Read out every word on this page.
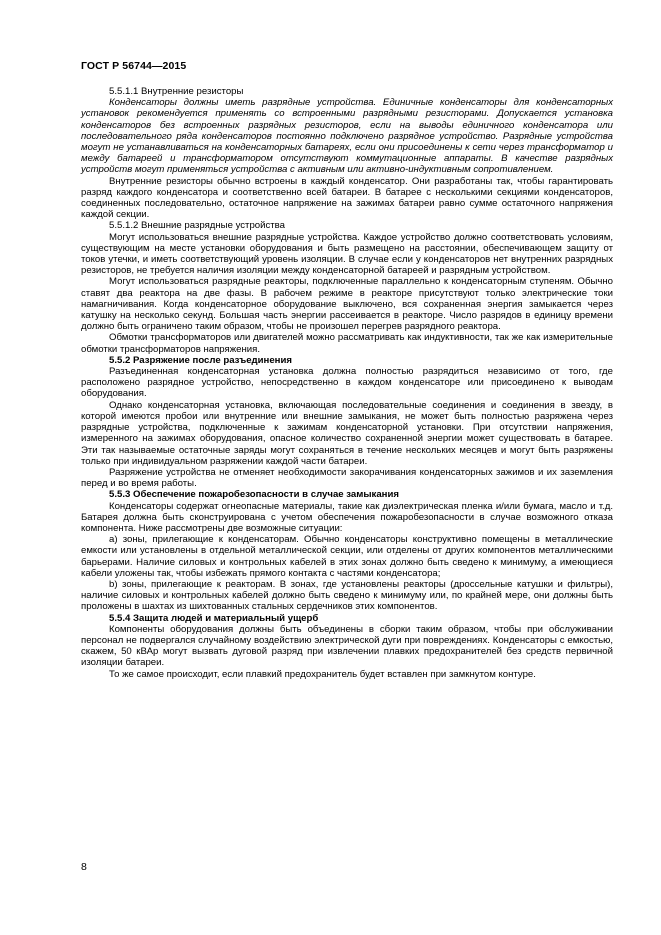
ГОСТ Р 56744—2015

5.5.1.1 Внутренние резисторы

Конденсаторы должны иметь разрядные устройства. Единичные конденсаторы для конденсаторных установок рекомендуется применять со встроенными разрядными резисторами. Допускается установка конденсаторов без встроенных разрядных резисторов, если на выводы единичного конденсатора или последовательного ряда конденсаторов постоянно подключено разрядное устройство. Разрядные устройства могут не устанавливаться на конденсаторных батареях, если они присоединены к сети через трансформатор и между батареей и трансформатором отсутствуют коммутационные аппараты. В качестве разрядных устройств могут применяться устройства с активным или активно-индуктивным сопротивлением.

Внутренние резисторы обычно встроены в каждый конденсатор. Они разработаны так, чтобы гарантировать разряд каждого конденсатора и соответственно всей батареи. В батарее с несколькими секциями конденсаторов, соединенных последовательно, остаточное напряжение на зажимах батареи равно сумме остаточного напряжения каждой секции.

5.5.1.2 Внешние разрядные устройства

Могут использоваться внешние разрядные устройства. Каждое устройство должно соответствовать условиям, существующим на месте установки оборудования и быть размещено на расстоянии, обеспечивающем защиту от токов утечки, и иметь соответствующий уровень изоляции. В случае если у конденсаторов нет внутренних разрядных резисторов, не требуется наличия изоляции между конденсаторной батареей и разрядным устройством.

Могут использоваться разрядные реакторы, подключенные параллельно к конденсаторным ступеням. Обычно ставят два реактора на две фазы. В рабочем режиме в реакторе присутствуют только электрические токи намагничивания. Когда конденсаторное оборудование выключено, вся сохраненная энергия замыкается через катушку на несколько секунд. Большая часть энергии рассеивается в реакторе. Число разрядов в единицу времени должно быть ограничено таким образом, чтобы не произошел перегрев разрядного реактора.

Обмотки трансформаторов или двигателей можно рассматривать как индуктивности, так же как измерительные обмотки трансформаторов напряжения.

5.5.2 Разряжение после разъединения

Разъединенная конденсаторная установка должна полностью разрядиться независимо от того, где расположено разрядное устройство, непосредственно в каждом конденсаторе или присоединено к выводам оборудования.

Однако конденсаторная установка, включающая последовательные соединения и соединения в звезду, в которой имеются пробои или внутренние или внешние замыкания, не может быть полностью разряжена через разрядные устройства, подключенные к зажимам конденсаторной установки. При отсутствии напряжения, измеренного на зажимах оборудования, опасное количество сохраненной энергии может существовать в батарее. Эти так называемые остаточные заряды могут сохраняться в течение нескольких месяцев и могут быть разряжены только при индивидуальном разряжении каждой части батареи.

Разряжение устройства не отменяет необходимости закорачивания конденсаторных зажимов и их заземления перед и во время работы.

5.5.3 Обеспечение пожаробезопасности в случае замыкания

Конденсаторы содержат огнеопасные материалы, такие как диэлектрическая пленка и/или бумага, масло и т.д. Батарея должна быть сконструирована с учетом обеспечения пожаробезопасности в случае возможного отказа компонента. Ниже рассмотрены две возможные ситуации:

a) зоны, прилегающие к конденсаторам. Обычно конденсаторы конструктивно помещены в металлические емкости или установлены в отдельной металлической секции, или отделены от других компонентов металлическими барьерами. Наличие силовых и контрольных кабелей в этих зонах должно быть сведено к минимуму, а имеющиеся кабели уложены так, чтобы избежать прямого контакта с частями конденсатора;

b) зоны, прилегающие к реакторам. В зонах, где установлены реакторы (дроссельные катушки и фильтры), наличие силовых и контрольных кабелей должно быть сведено к минимуму или, по крайней мере, они должны быть проложены в шахтах из шихтованных стальных сердечников этих компонентов.

5.5.4 Защита людей и материальный ущерб

Компоненты оборудования должны быть объединены в сборки таким образом, чтобы при обслуживании персонал не подвергался случайному воздействию электрической дуги при повреждениях. Конденсаторы с емкостью, скажем, 50 кВАр могут вызвать дуговой разряд при извлечении плавких предохранителей без средств первичной изоляции батареи.

То же самое происходит, если плавкий предохранитель будет вставлен при замкнутом контуре.

8
